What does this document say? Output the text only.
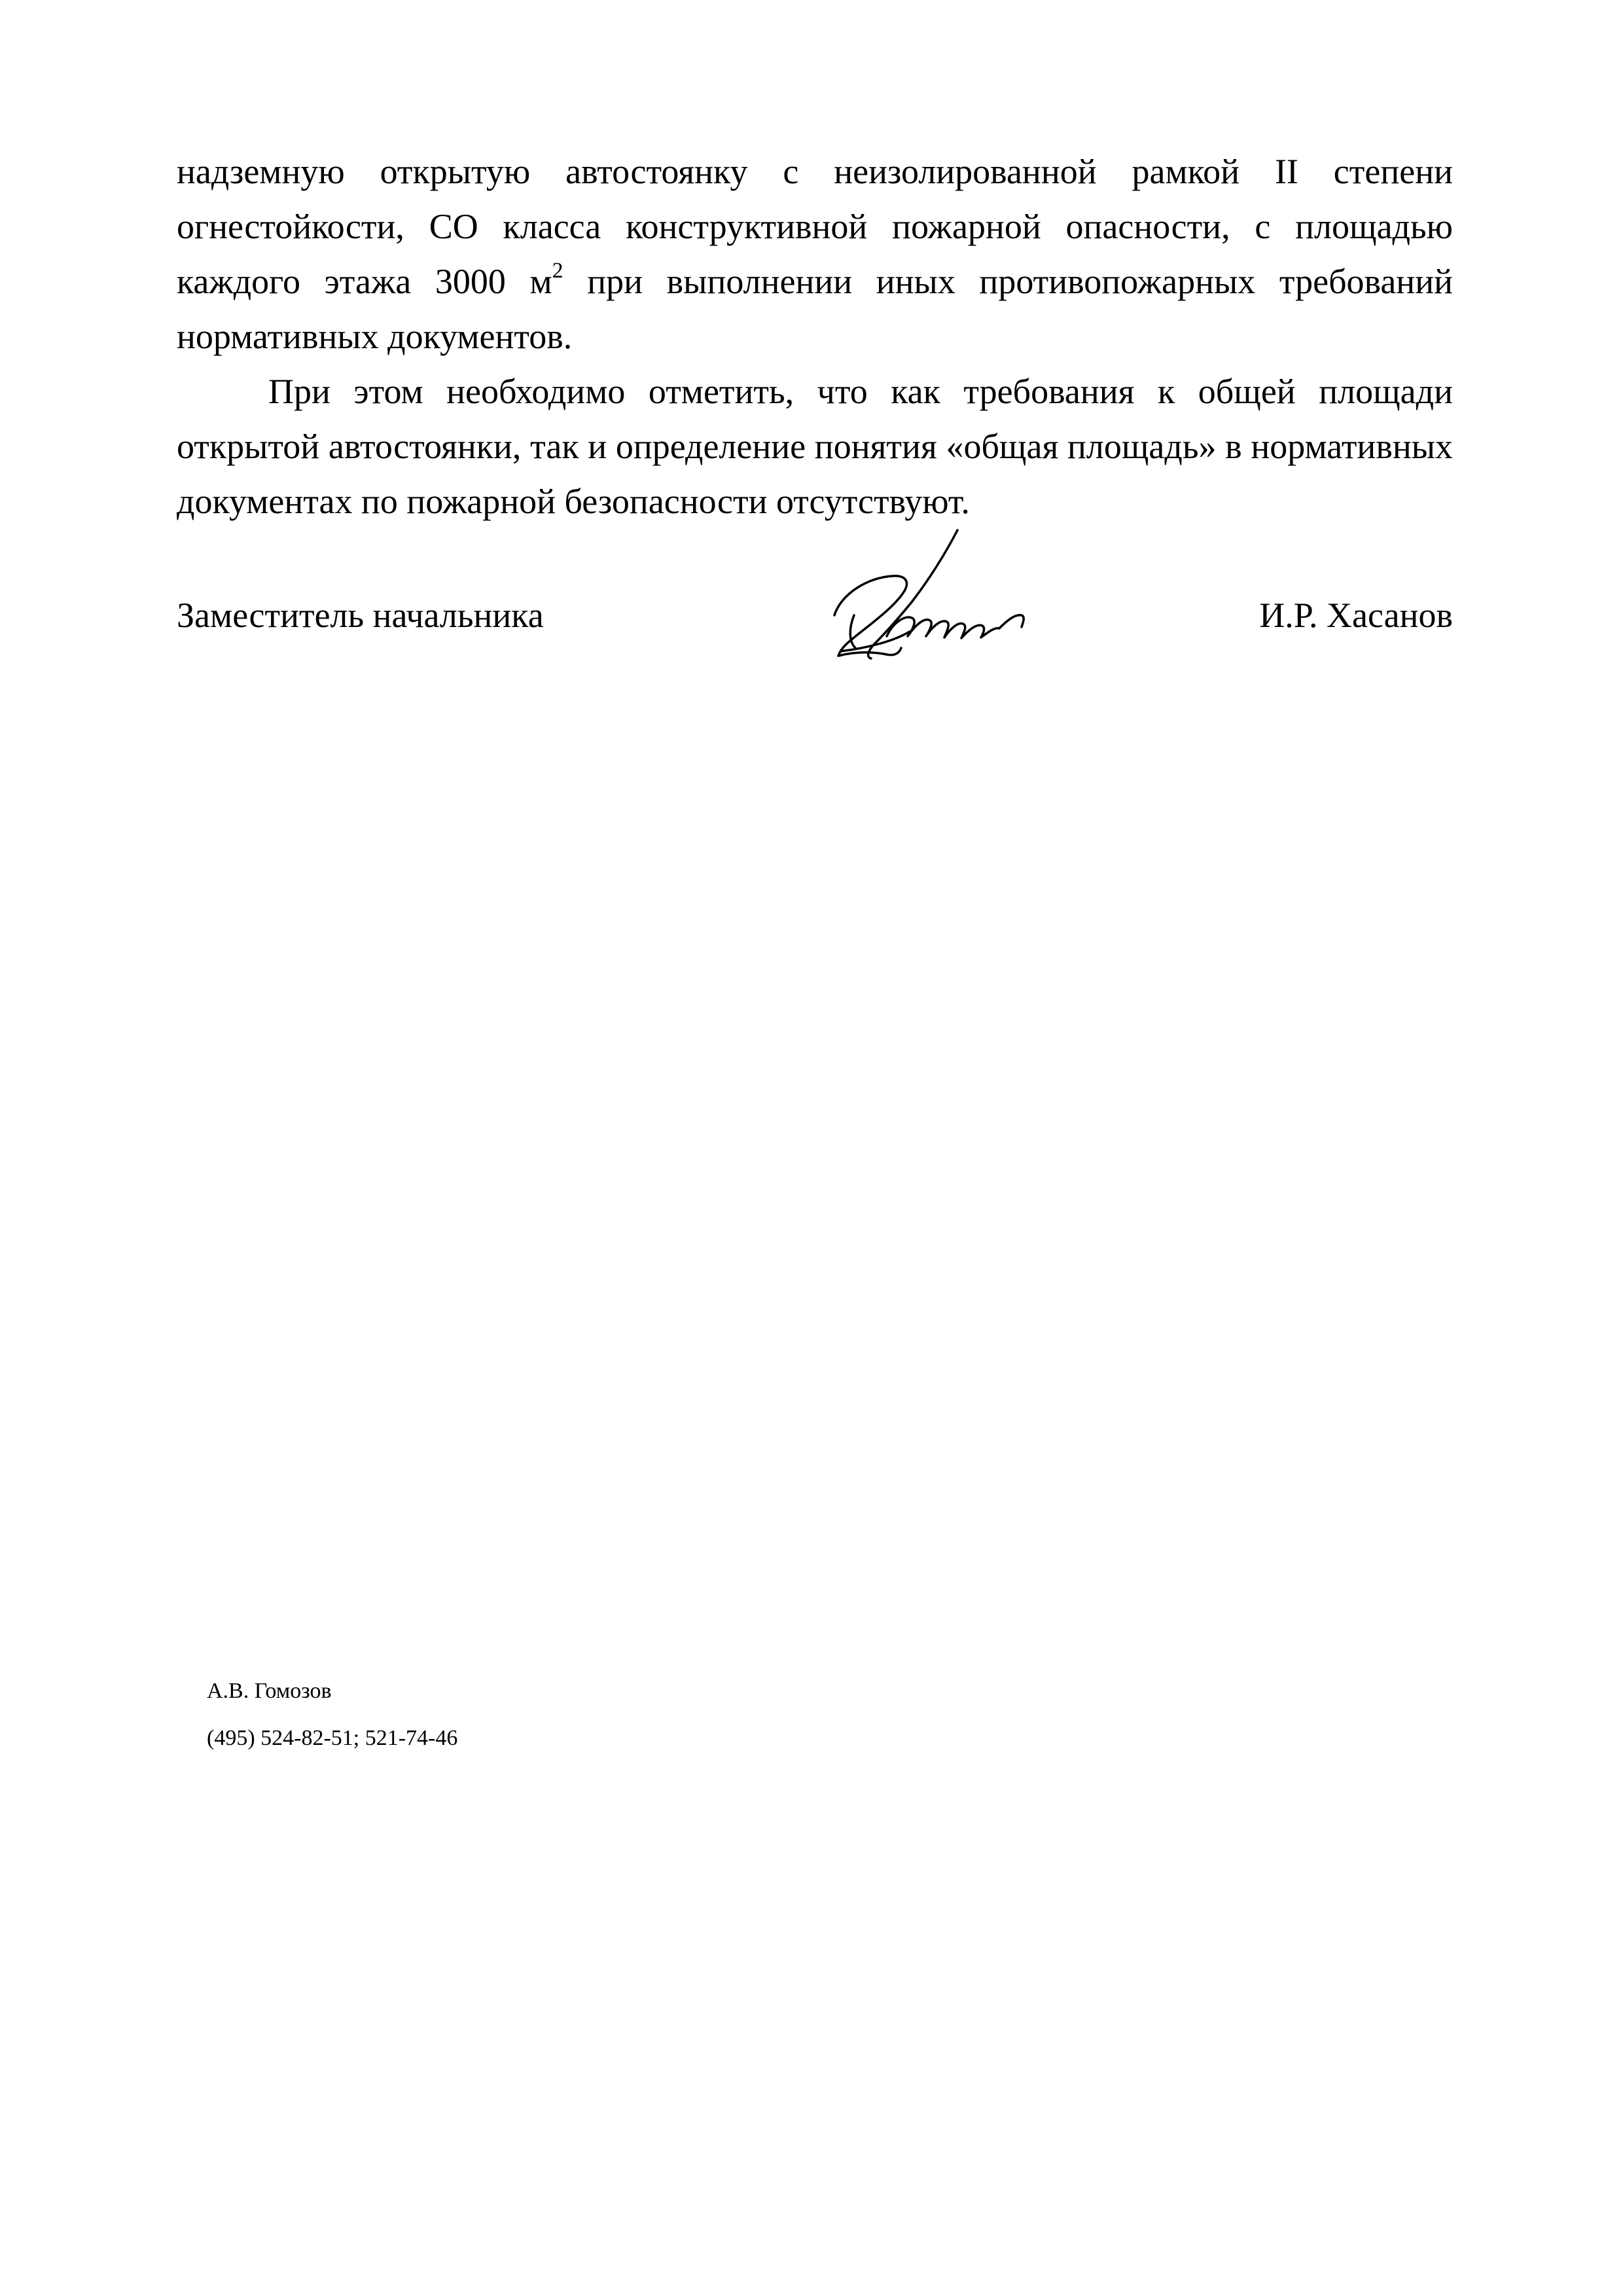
надземную открытую автостоянку с неизолированной рамкой II степени огнестойкости, СО класса конструктивной пожарной опасности, с площадью каждого этажа 3000 $м^2$ при выполнении иных противопожарных требований нормативных документов.

При этом необходимо отметить, что как требования к общей площади открытой автостоянки, так и определение понятия «общая площадь» в нормативных документах по пожарной безопасности отсутствуют.

Заместитель начальника	И.Р. Хасанов
А.В. Гомозов
(495) 524-82-51; 521-74-46
